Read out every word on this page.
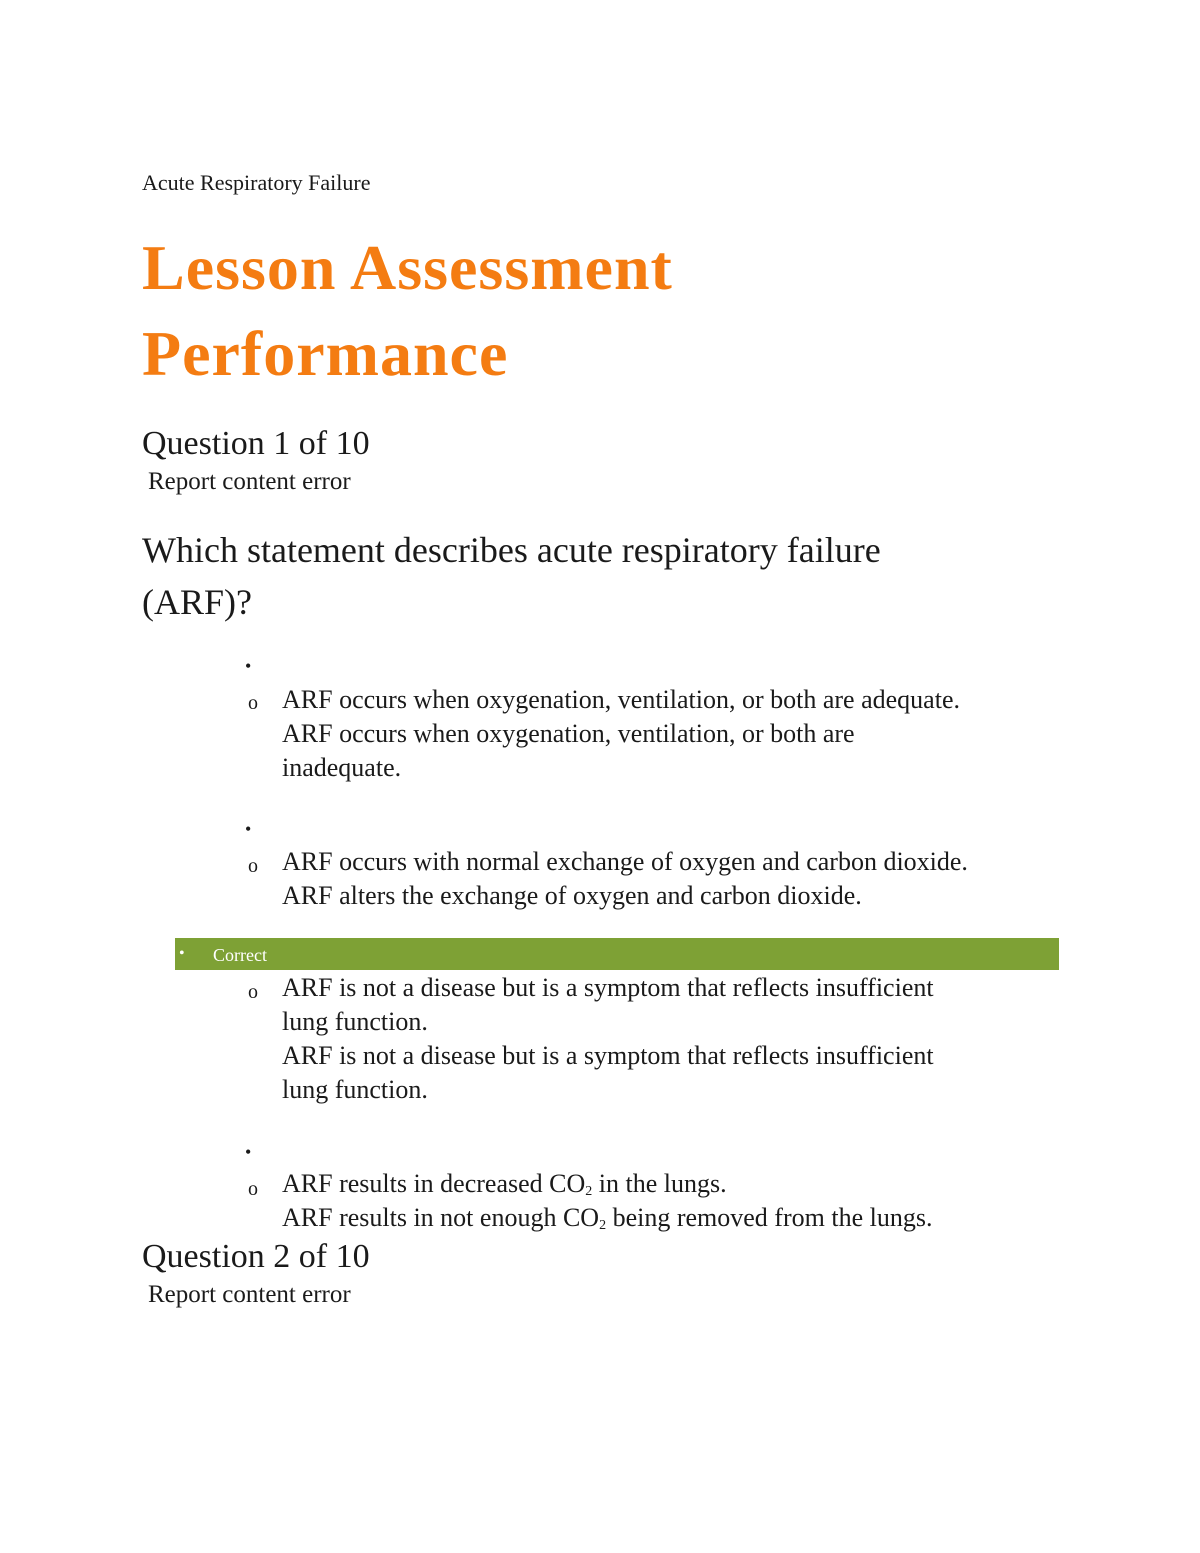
Acute Respiratory Failure
Lesson Assessment
Performance
Question 1 of 10
Report content error
Which statement describes acute respiratory failure
(ARF)?
•
o ARF occurs when oxygenation, ventilation, or both are adequate.
ARF occurs when oxygenation, ventilation, or both are
inadequate.
•
o ARF occurs with normal exchange of oxygen and carbon dioxide.
ARF alters the exchange of oxygen and carbon dioxide.
• Correct
o ARF is not a disease but is a symptom that reflects insufficient
lung function.
ARF is not a disease but is a symptom that reflects insufficient
lung function.
•
o ARF results in decreased $CO_2$ in the lungs.
ARF results in not enough $CO_2$ being removed from the lungs.
Question 2 of 10
Report content error
